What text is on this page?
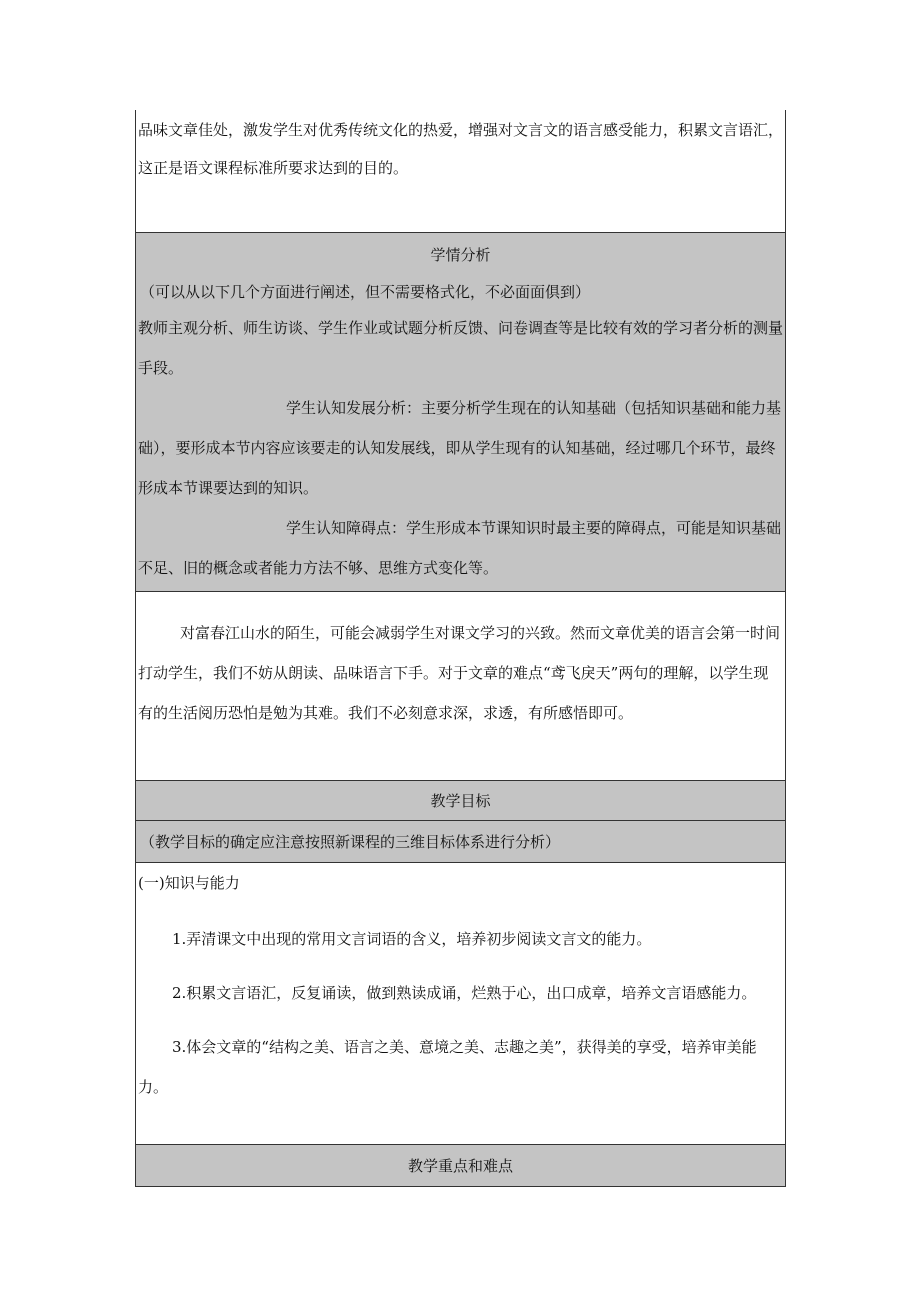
品味文章佳处，激发学生对优秀传统文化的热爱，增强对文言文的语言感受能力，积累文言语汇，这正是语文课程标准所要求达到的目的。
学情分析
（可以从以下几个方面进行阐述，但不需要格式化，不必面面俱到）
教师主观分析、师生访谈、学生作业或试题分析反馈、问卷调查等是比较有效的学习者分析的测量手段。
学生认知发展分析：主要分析学生现在的认知基础（包括知识基础和能力基础），要形成本节内容应该要走的认知发展线，即从学生现有的认知基础，经过哪几个环节，最终形成本节课要达到的知识。
学生认知障碍点：学生形成本节课知识时最主要的障碍点，可能是知识基础不足、旧的概念或者能力方法不够、思维方式变化等。
对富春江山水的陌生，可能会减弱学生对课文学习的兴致。然而文章优美的语言会第一时间打动学生，我们不妨从朗读、品味语言下手。对于文章的难点“鸢飞戾天”两句的理解，以学生现有的生活阅历恐怕是勉为其难。我们不必刻意求深，求透，有所感悟即可。
教学目标
（教学目标的确定应注意按照新课程的三维目标体系进行分析）
(一)知识与能力
1.弄清课文中出现的常用文言词语的含义，培养初步阅读文言文的能力。
2.积累文言语汇，反复诵读，做到熟读成诵，烂熟于心，出口成章，培养文言语感能力。
3.体会文章的“结构之美、语言之美、意境之美、志趣之美”，获得美的享受，培养审美能力。
教学重点和难点
